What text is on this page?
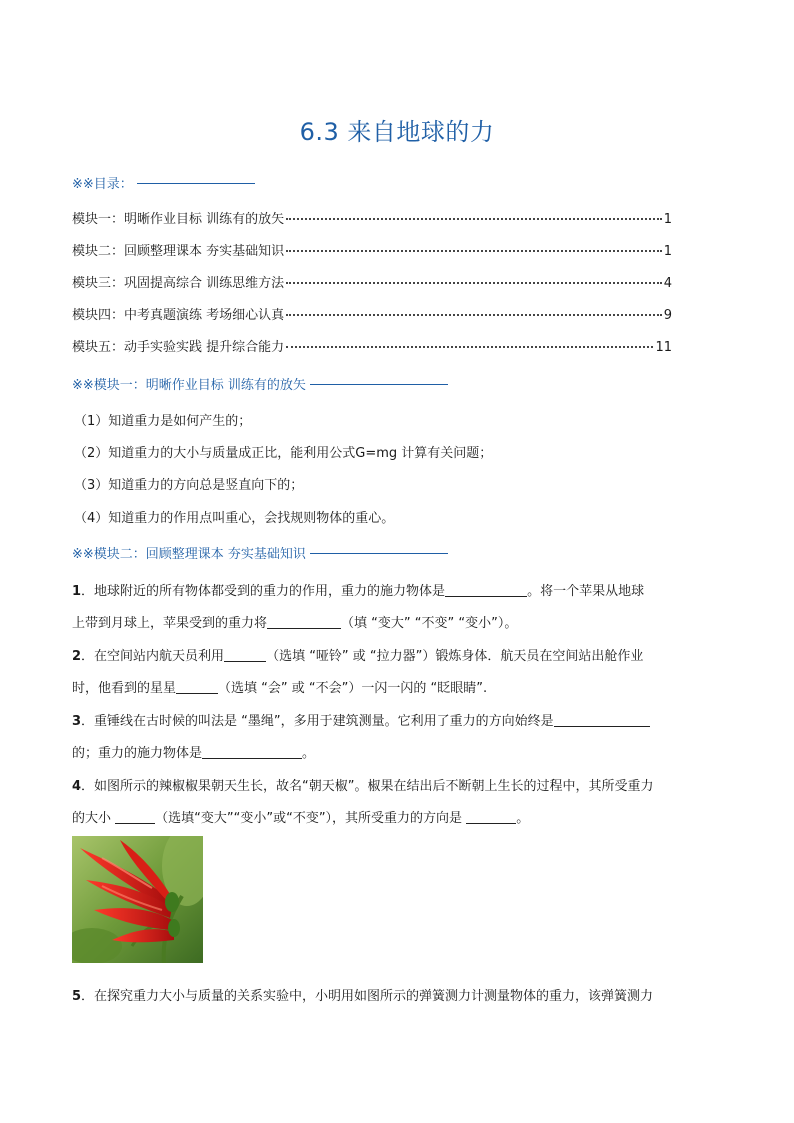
6.3 来自地球的力
※※目录：
模块一：明晰作业目标 训练有的放矢	1
模块二：回顾整理课本 夯实基础知识	1
模块三：巩固提高综合 训练思维方法	4
模块四：中考真题演练 考场细心认真	9
模块五：动手实验实践 提升综合能力	11
※※模块一：明晰作业目标 训练有的放矢
（1）知道重力是如何产生的；
（2）知道重力的大小与质量成正比，能利用公式G=mg 计算有关问题；
（3）知道重力的方向总是竖直向下的；
（4）知道重力的作用点叫重心，会找规则物体的重心。
※※模块二：回顾整理课本 夯实基础知识
1．地球附近的所有物体都受到的重力的作用，重力的施力物体是	。将一个苹果从地球
上带到月球上，苹果受到的重力将	（填 “变大” “不变” “变小”）。
2．在空间站内航天员利用	（选填 “哑铃” 或 “拉力器”）锻炼身体．航天员在空间站出舱作业
时，他看到的星星	（选填 “会” 或 “不会”）一闪一闪的 “眨眼睛”.
3．重锤线在古时候的叫法是 “墨绳”，多用于建筑测量。它利用了重力的方向始终是
的；重力的施力物体是	。
4．如图所示的辣椒椒果朝天生长，故名“朝天椒”。椒果在结出后不断朝上生长的过程中，其所受重力
的大小	（选填“变大”“变小”或“不变”），其所受重力的方向是	。
5．在探究重力大小与质量的关系实验中，小明用如图所示的弹簧测力计测量物体的重力，该弹簧测力
